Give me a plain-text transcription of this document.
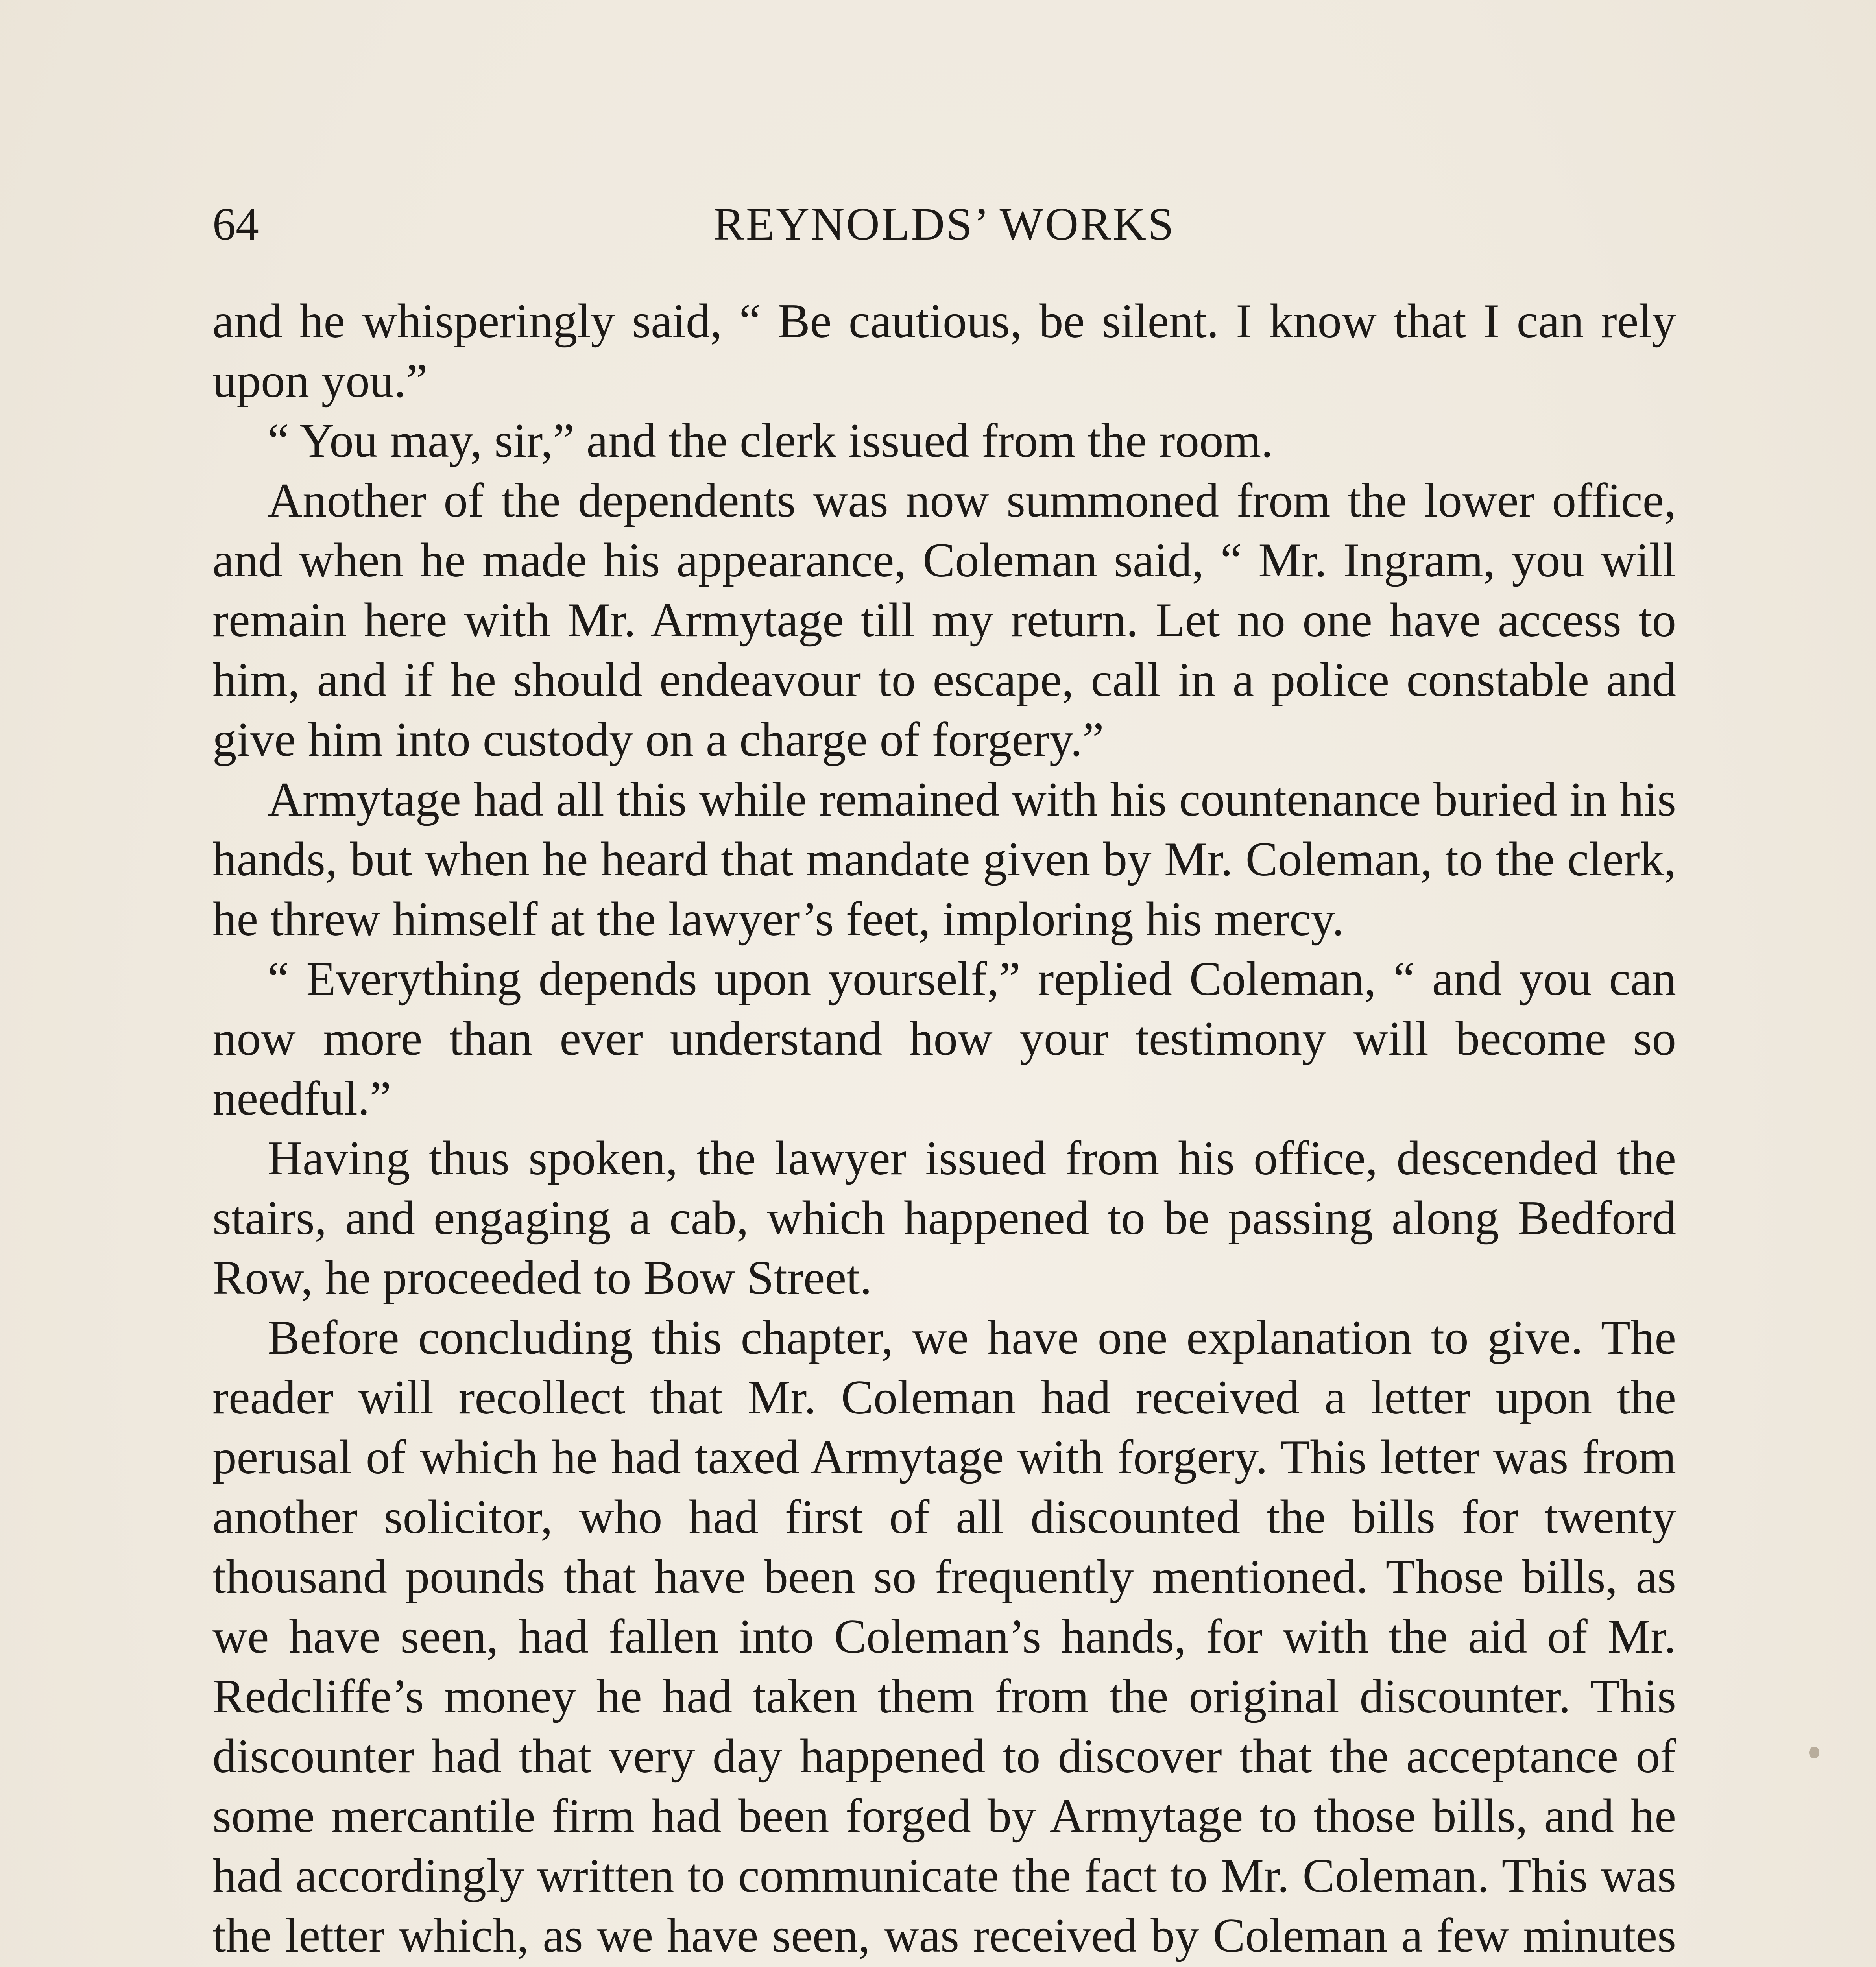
64	REYNOLDS’ WORKS

and he whisperingly said, “ Be cautious, be silent. I know that I can rely upon you.”

“ You may, sir,” and the clerk issued from the room.

Another of the dependents was now summoned from the lower office, and when he made his appearance, Coleman said, “ Mr. Ingram, you will remain here with Mr. Armytage till my return. Let no one have access to him, and if he should endeavour to escape, call in a police constable and give him into custody on a charge of forgery.”

Armytage had all this while remained with his countenance buried in his hands, but when he heard that mandate given by Mr. Coleman, to the clerk, he threw himself at the lawyer’s feet, imploring his mercy.

“ Everything depends upon yourself,” replied Coleman, “ and you can now more than ever understand how your testimony will become so needful.”

Having thus spoken, the lawyer issued from his office, descended the stairs, and engaging a cab, which happened to be passing along Bedford Row, he proceeded to Bow Street.

Before concluding this chapter, we have one explanation to give. The reader will recollect that Mr. Coleman had received a letter upon the perusal of which he had taxed Armytage with forgery. This letter was from another solicitor, who had first of all discounted the bills for twenty thousand pounds that have been so frequently mentioned. Those bills, as we have seen, had fallen into Coleman’s hands, for with the aid of Mr. Redcliffe’s money he had taken them from the original discounter. This discounter had that very day happened to discover that the acceptance of some mercantile firm had been forged by Armytage to those bills, and he had accordingly written to communicate the fact to Mr. Coleman. This was the letter which, as we have seen, was received by Coleman a few minutes
